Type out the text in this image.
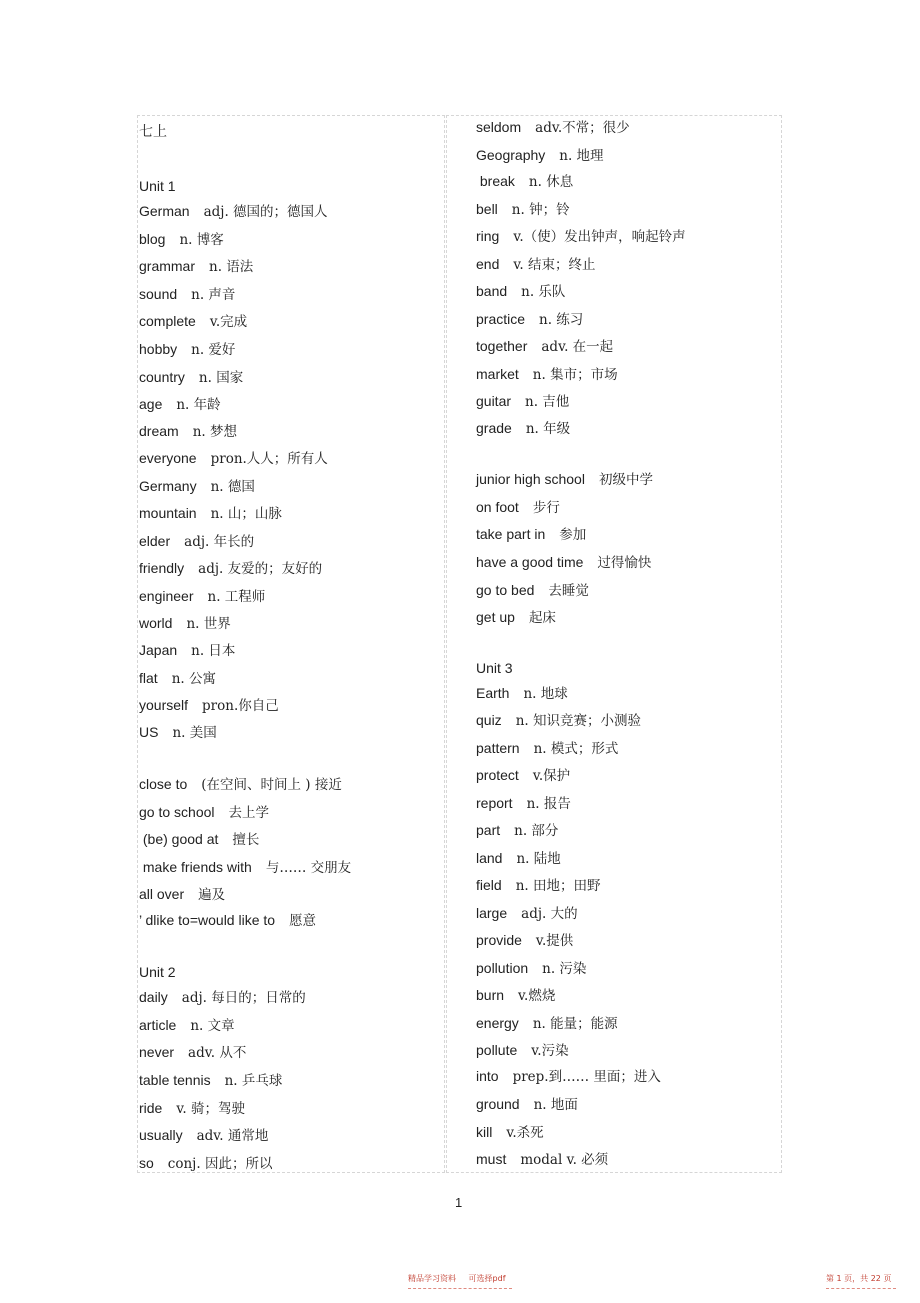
七上
Unit 1
German adj. 德国的；德国人
blog n. 博客
grammar n. 语法
sound n. 声音
complete v.完成
hobby n. 爱好
country n. 国家
age n. 年龄
dream n. 梦想
everyone pron.人人；所有人
Germany n. 德国
mountain n. 山；山脉
elder adj. 年长的
friendly adj. 友爱的；友好的
engineer n. 工程师
world n. 世界
Japan n. 日本
flat n. 公寓
yourself pron.你自己
US n. 美国
close to (在空间、时间上 ) 接近
go to school 去上学
(be) good at 擅长
make friends with 与…… 交朋友
all over 遍及
’ dlike to=would like to 愿意
Unit 2
daily adj. 每日的；日常的
article n. 文章
never adv. 从不
table tennis n. 乒乓球
ride v. 骑；驾驶
usually adv. 通常地
so conj. 因此；所以
seldom adv.不常；很少
Geography n. 地理
break n. 休息
bell n. 钟；铃
ring v.（使）发出钟声，响起铃声
end v. 结束；终止
band n. 乐队
practice n. 练习
together adv. 在一起
market n. 集市；市场
guitar n. 吉他
grade n. 年级
junior high school 初级中学
on foot 步行
take part in 参加
have a good time 过得愉快
go to bed 去睡觉
get up 起床
Unit 3
Earth n. 地球
quiz n. 知识竞赛；小测验
pattern n. 模式；形式
protect v.保护
report n. 报告
part n. 部分
land n. 陆地
field n. 田地；田野
large adj. 大的
provide v.提供
pollution n. 污染
burn v.燃烧
energy n. 能量；能源
pollute v.污染
into prep.到…… 里面；进入
ground n. 地面
kill v.杀死
must modal v. 必须
1
精品学习资料 可选择pdf	第 1 页，共 22 页
